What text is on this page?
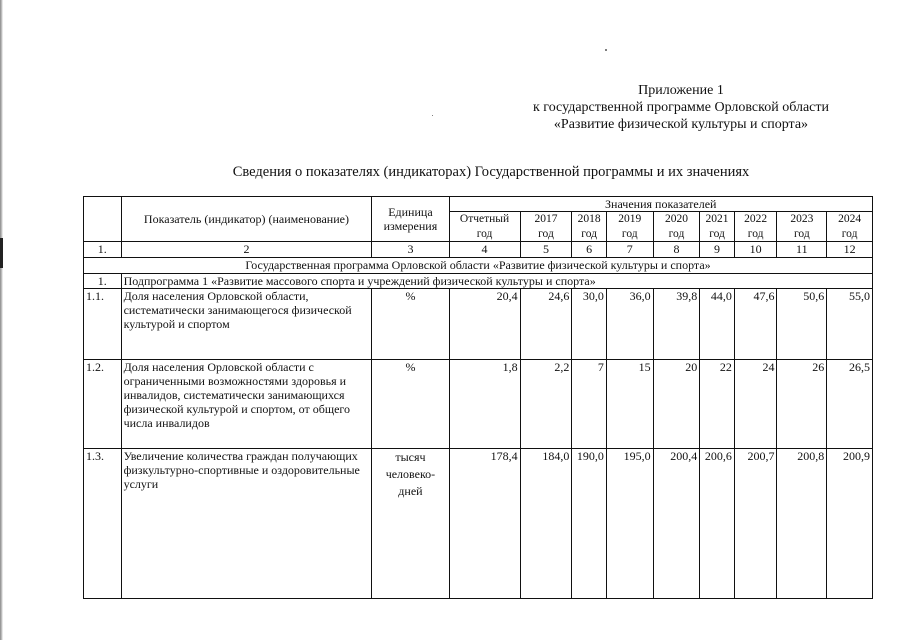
Приложение 1
к государственной программе Орловской области
«Развитие физической культуры и спорта»
Сведения о показателях (индикаторах) Государственной программы и их значениях
	Показатель (индикатор) (наименование)	Единица измерения	Значения показателей								
			Отчетный	2017	2018	2019	2020	2021	2022	2023	2024
			год	год	год	год	год	год	год	год	год
1.	2	3	4	5	6	7	8	9	10	11	12
Государственная программа Орловской области «Развитие физической культуры и спорта»											
1.	Подпрограмма 1 «Развитие массового спорта и учреждений физической культуры и спорта»										
1.1.	Доля населения Орловской области, систематически занимающегося физической культурой и спортом	%	20,4	24,6	30,0	36,0	39,8	44,0	47,6	50,6	55,0
1.2.	Доля населения Орловской области с ограниченными возможностями здоровья и инвалидов, систематически занимающихся физической культурой и спортом, от общего числа инвалидов	%	1,8	2,2	7	15	20	22	24	26	26,5
1.3.	Увеличение количества граждан получающих физкультурно-спортивные и оздоровительные услуги	тысяч человеко-дней	178,4	184,0	190,0	195,0	200,4	200,6	200,7	200,8	200,9
